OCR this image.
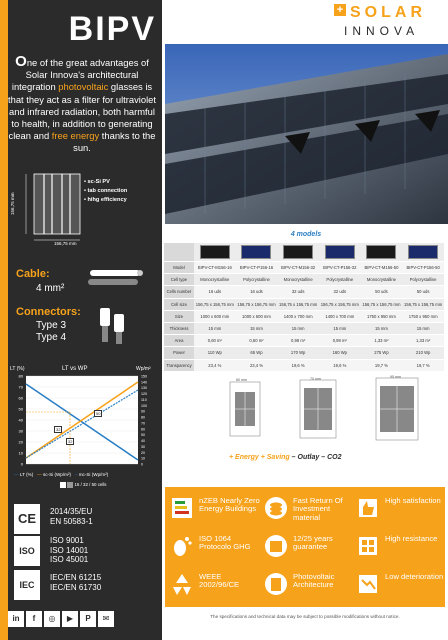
BIPV
One of the great advantages of Solar Innova's architectural integration photovoltaic glasses is that they act as a filter for ultraviolet and infrared radiation, both harmful to health, in addition to generating clean and free energy thanks to the sun.
156,75 mm
156,75 mm
• sc-Si PV
• tab connection
• hihg efficiency
Cable:
4 mm²
Connectors:
Type 3
Type 4
LT (%)	LT vs WP	Wp/m²
80
70
60
50
40
30
20
10
0
150
140
130
120
110
100
90
80
70
60
50
40
30
20
10
0
32
32
50
— LT (%) — sc-Si (Wp/m²) – mc-Si (Wp/m²)
16 / 32 / 50 cells
CE	2014/35/EU
EN 50583-1
ISO
ISO 9001
ISO 14001
ISO 45001
IEC
IEC/EN 61215
IEC/EN 61730
in f ◎ ▶ P ✉
+ SOLAR
INNOVA
4 models

Model	BIPV-CT-M156-16	BIPV-CT-P156-16	BIPV-CT-M156-32	BIPV-CT-P156-32	BIPV-CT-M156-50	BIPV-CT-P156-50
Cell type	Monocrystalline	Polycrystalline	Monocrystalline	Polycrystalline	Monocrystalline	Polycrystalline
Cells number	16 uds	16 uds	32 uds	32 uds	50 uds	50 uds
Cell size	156,75 x 156,75 mm	156,75 x 156,75 mm	156,75 x 156,75 mm	156,75 x 156,75 mm	156,75 x 156,75 mm	156,75 x 156,75 mm
Size	1000 x 600 mm	1000 x 600 mm	1400 x 700 mm	1400 x 700 mm	1750 x 950 mm	1750 x 950 mm
Thickness	15 mm	15 mm	15 mm	15 mm	15 mm	15 mm
Area	0,60 m²	0,60 m²	0,98 m²	0,98 m²	1,33 m²	1,33 m²
Power	110 Wp	65 Wp	170 Wp	160 Wp	275 Wp	210 Wp
Transparency	23,4 %	23,4 %	19,6 %	19,6 %	19,7 %	19,7 %
60 mm	70 mm	95 mm
+ Energy + Saving – Outlay – CO2
nZEB Nearly Zero Energy Buildings
Fast Return Of Investment material
High satisfaction
ISO 1064 Protocolo GHG
12/25 years guarantee
High resistance
WEEE 2002/96/CE
Photovoltaic Architecture
Low deterioration
The specifications and technical data may be subject to possible modifications without notice.
